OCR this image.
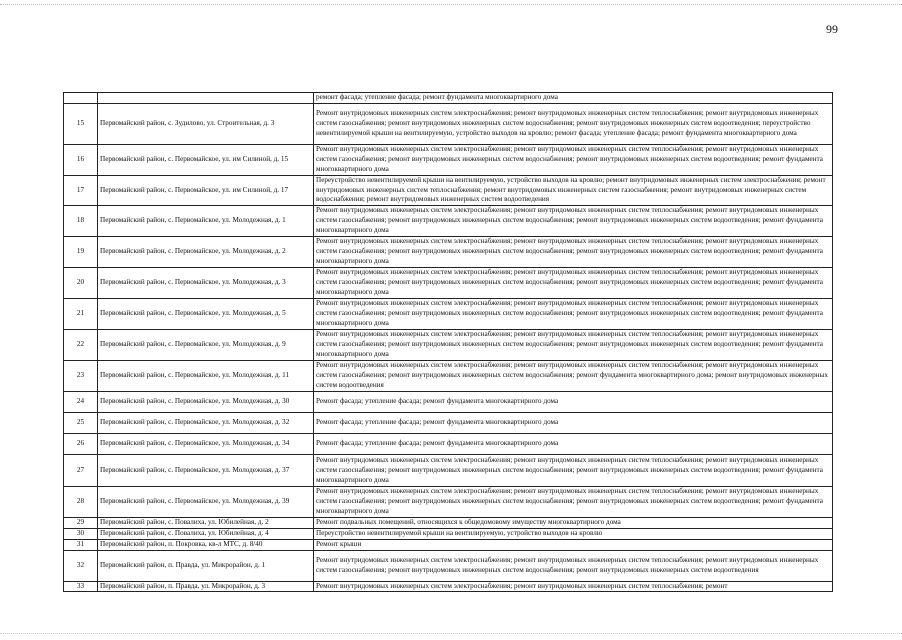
99
		ремонт фасада; утепление фасада; ремонт фундамента многоквартирного дома
15	Первомайский район, с. Зудилово, ул. Строительная, д. 3	Ремонт внутридомовых инженерных систем электроснабжения; ремонт внутридомовых инженерных систем теплоснабжения; ремонт внутридомовых инженерных систем газоснабжения; ремонт внутридомовых инженерных систем водоснабжения; ремонт внутридомовых инженерных систем водоотведения; переустройство невентилируемой крыши на вентилируемую, устройство выходов на кровлю; ремонт фасада; утепление фасада; ремонт фундамента многоквартирного дома
16	Первомайский район, с. Первомайское, ул. им Силиной, д. 15	Ремонт внутридомовых инженерных систем электроснабжения; ремонт внутридомовых инженерных систем теплоснабжения; ремонт внутридомовых инженерных систем газоснабжения; ремонт внутридомовых инженерных систем водоснабжения; ремонт внутридомовых инженерных систем водоотведения; ремонт фундамента многоквартирного дома
17	Первомайский район, с. Первомайское, ул. им Силиной, д. 17	Переустройство невентилируемой крыши на вентилируемую, устройство выходов на кровлю; ремонт внутридомовых инженерных систем электроснабжения; ремонт внутридомовых инженерных систем теплоснабжения; ремонт внутридомовых инженерных систем газоснабжения; ремонт внутридомовых инженерных систем водоснабжения; ремонт внутридомовых инженерных систем водоотведения
18	Первомайский район, с. Первомайское, ул. Молодежная, д. 1	Ремонт внутридомовых инженерных систем электроснабжения; ремонт внутридомовых инженерных систем теплоснабжения; ремонт внутридомовых инженерных систем газоснабжения; ремонт внутридомовых инженерных систем водоснабжения; ремонт внутридомовых инженерных систем водоотведения; ремонт фундамента многоквартирного дома
19	Первомайский район, с. Первомайское, ул. Молодежная, д. 2	Ремонт внутридомовых инженерных систем электроснабжения; ремонт внутридомовых инженерных систем теплоснабжения; ремонт внутридомовых инженерных систем газоснабжения; ремонт внутридомовых инженерных систем водоснабжения; ремонт внутридомовых инженерных систем водоотведения; ремонт фундамента многоквартирного дома
20	Первомайский район, с. Первомайское, ул. Молодежная, д. 3	Ремонт внутридомовых инженерных систем электроснабжения; ремонт внутридомовых инженерных систем теплоснабжения; ремонт внутридомовых инженерных систем газоснабжения; ремонт внутридомовых инженерных систем водоснабжения; ремонт внутридомовых инженерных систем водоотведения; ремонт фундамента многоквартирного дома
21	Первомайский район, с. Первомайское, ул. Молодежная, д. 5	Ремонт внутридомовых инженерных систем электроснабжения; ремонт внутридомовых инженерных систем теплоснабжения; ремонт внутридомовых инженерных систем газоснабжения; ремонт внутридомовых инженерных систем водоснабжения; ремонт внутридомовых инженерных систем водоотведения; ремонт фундамента многоквартирного дома
22	Первомайский район, с. Первомайское, ул. Молодежная, д. 9	Ремонт внутридомовых инженерных систем электроснабжения; ремонт внутридомовых инженерных систем теплоснабжения; ремонт внутридомовых инженерных систем газоснабжения; ремонт внутридомовых инженерных систем водоснабжения; ремонт внутридомовых инженерных систем водоотведения; ремонт фундамента многоквартирного дома
23	Первомайский район, с. Первомайское, ул. Молодежная, д. 11	Ремонт внутридомовых инженерных систем электроснабжения; ремонт внутридомовых инженерных систем теплоснабжения; ремонт внутридомовых инженерных систем газоснабжения; ремонт внутридомовых инженерных систем водоснабжения; ремонт фундамента многоквартирного дома; ремонт внутридомовых инженерных систем водоотведения
24	Первомайский район, с. Первомайское, ул. Молодежная, д. 30	Ремонт фасада; утепление фасада; ремонт фундамента многоквартирного дома
25	Первомайский район, с. Первомайское, ул. Молодежная, д. 32	Ремонт фасада; утепление фасада; ремонт фундамента многоквартирного дома
26	Первомайский район, с. Первомайское, ул. Молодежная, д. 34	Ремонт фасада; утепление фасада; ремонт фундамента многоквартирного дома
27	Первомайский район, с. Первомайское, ул. Молодежная, д. 37	Ремонт внутридомовых инженерных систем электроснабжения; ремонт внутридомовых инженерных систем теплоснабжения; ремонт внутридомовых инженерных систем газоснабжения; ремонт внутридомовых инженерных систем водоснабжения; ремонт внутридомовых инженерных систем водоотведения; ремонт фундамента многоквартирного дома
28	Первомайский район, с. Первомайское, ул. Молодежная, д. 39	Ремонт внутридомовых инженерных систем электроснабжения; ремонт внутридомовых инженерных систем теплоснабжения; ремонт внутридомовых инженерных систем газоснабжения; ремонт внутридомовых инженерных систем водоснабжения; ремонт внутридомовых инженерных систем водоотведения; ремонт фундамента многоквартирного дома
29	Первомайский район, с. Повалиха, ул. Юбилейная, д. 2	Ремонт подвальных помещений, относящихся к общедомовому имуществу многоквартирного дома
30	Первомайский район, с. Повалиха, ул. Юбилейная, д. 4	Переустройство невентилируемой крыши на вентилируемую, устройство выходов на кровлю
31	Первомайский район, п. Покровка, кв-л МТС, д. 8/40	Ремонт крыши
32	Первомайский район, п. Правда, ул. Микрорайон, д. 1	Ремонт внутридомовых инженерных систем электроснабжения; ремонт внутридомовых инженерных систем теплоснабжения; ремонт внутридомовых инженерных систем газоснабжения; ремонт внутридомовых инженерных систем водоснабжения; ремонт внутридомовых инженерных систем водоотведения
33	Первомайский район, п. Правда, ул. Микрорайон, д. 3	Ремонт внутридомовых инженерных систем электроснабжения; ремонт внутридомовых инженерных систем теплоснабжения; ремонт
